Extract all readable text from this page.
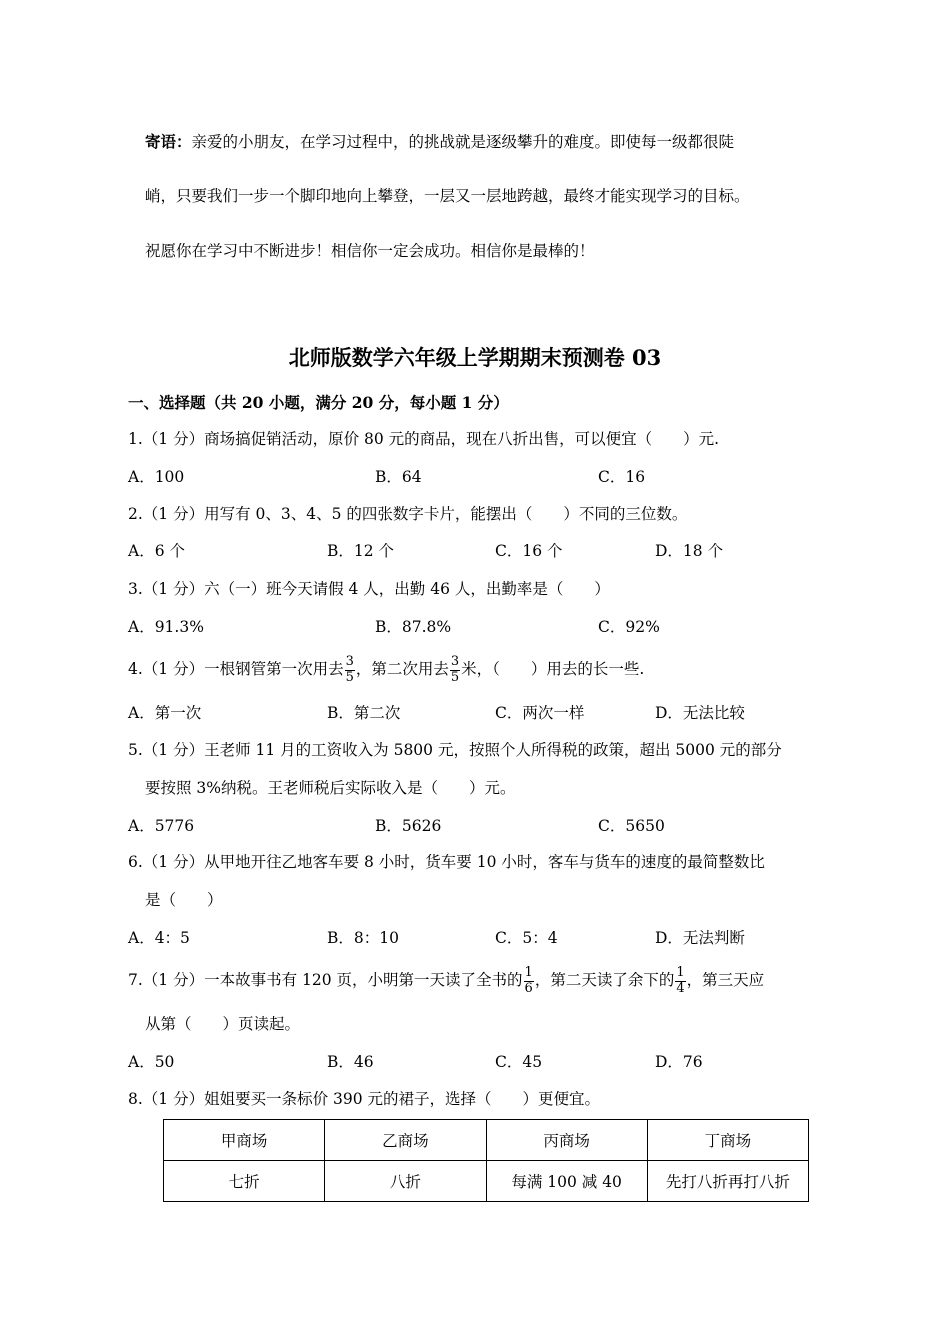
寄语：亲爱的小朋友，在学习过程中，的挑战就是逐级攀升的难度。即使每一级都很陡
峭，只要我们一步一个脚印地向上攀登，一层又一层地跨越，最终才能实现学习的目标。
祝愿你在学习中不断进步！相信你一定会成功。相信你是最棒的！
北师版数学六年级上学期期末预测卷 03
一、选择题（共 20 小题，满分 20 分，每小题 1 分）
1.（1 分）商场搞促销活动，原价 80 元的商品，现在八折出售，可以便宜（　　）元.
A．100	B．64	C．16
2.（1 分）用写有 0、3、4、5 的四张数字卡片，能摆出（　　）不同的三位数。
A．6 个	B．12 个	C．16 个	D．18 个
3.（1 分）六（一）班今天请假 4 人，出勤 46 人，出勤率是（　　）
A．91.3%	B．87.8%	C．92%
4.（1 分）一根钢管第一次用去 $\frac{3}{5}$ ，第二次用去 $\frac{3}{5}$ 米，（　　）用去的长一些.
A．第一次	B．第二次	C．两次一样	D．无法比较
5.（1 分）王老师 11 月的工资收入为 5800 元，按照个人所得税的政策，超出 5000 元的部分
要按照 3%纳税。王老师税后实际收入是（　　）元。
A．5776	B．5626	C．5650
6.（1 分）从甲地开往乙地客车要 8 小时，货车要 10 小时，客车与货车的速度的最简整数比
是（　　）
A．4：5	B．8：10	C．5：4	D．无法判断
7.（1 分）一本故事书有 120 页，小明第一天读了全书的 $\frac{1}{6}$ ，第二天读了余下的 $\frac{1}{4}$ ，第三天应
从第（　　）页读起。
A．50	B．46	C．45	D．76
8.（1 分）姐姐要买一条标价 390 元的裙子，选择（　　）更便宜。
甲商场	乙商场	丙商场	丁商场
七折	八折	每满 100 减 40	先打八折再打八折
